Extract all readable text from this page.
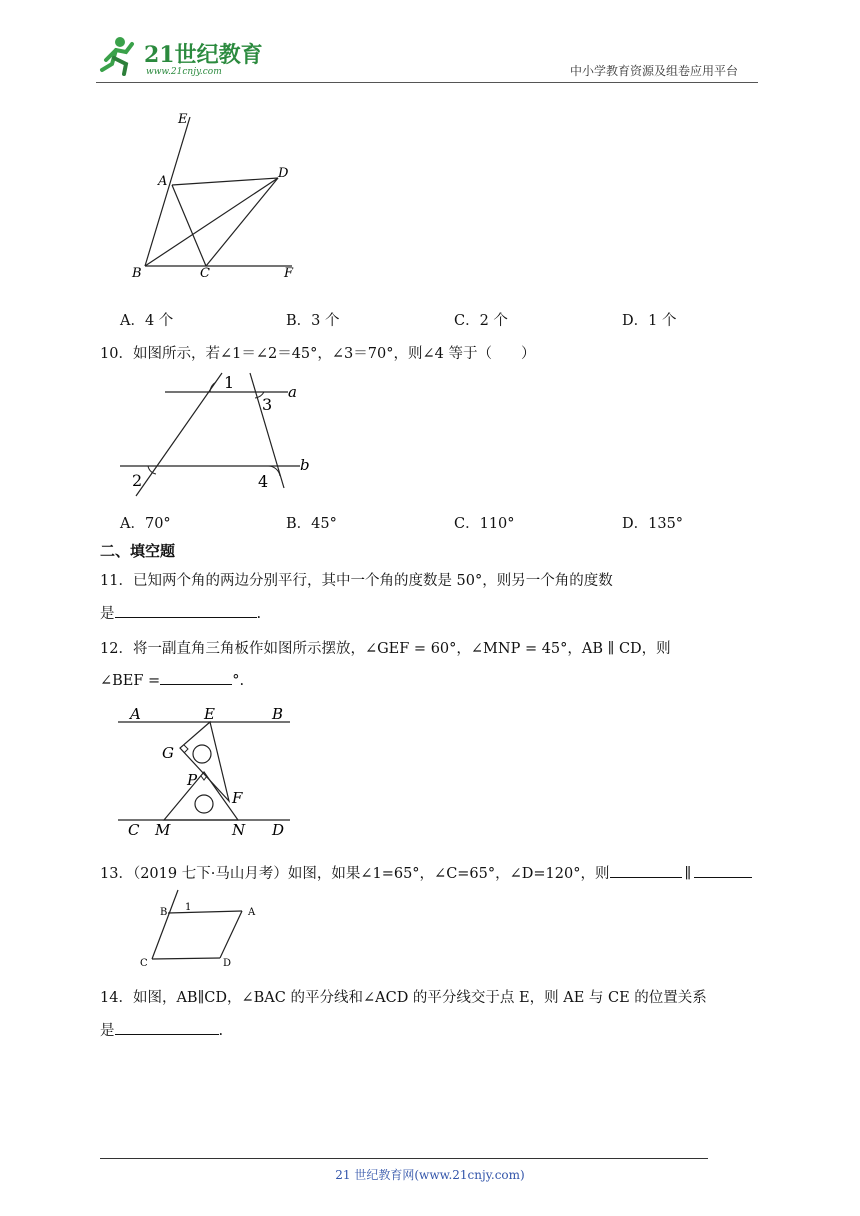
21世纪教育
www.21cnjy.com	中小学教育资源及组卷应用平台
E
A
D
B	C	F
A．4 个	B．3 个	C．2 个	D．1 个
10．如图所示，若∠1＝∠2＝45°，∠3＝70°，则∠4 等于（　　）
1
3
a
b
2	4
A．70°	B．45°	C．110°	D．135°
二、填空题
11．已知两个角的两边分别平行，其中一个角的度数是 50°，则另一个角的度数
是	.
12．将一副直角三角板作如图所示摆放，∠GEF = 60°，∠MNP = 45°，AB ∥ CD，则
∠BEF =	°.
A	E	B
G
P
F
C M	N D
13．（2019 七下·马山月考）如图，如果∠1=65°，∠C=65°，∠D=120°，则	∥
B 1	A
C	D
14．如图，AB∥CD，∠BAC 的平分线和∠ACD 的平分线交于点 E，则 AE 与 CE 的位置关系
是	.
21 世纪教育网(www.21cnjy.com)
